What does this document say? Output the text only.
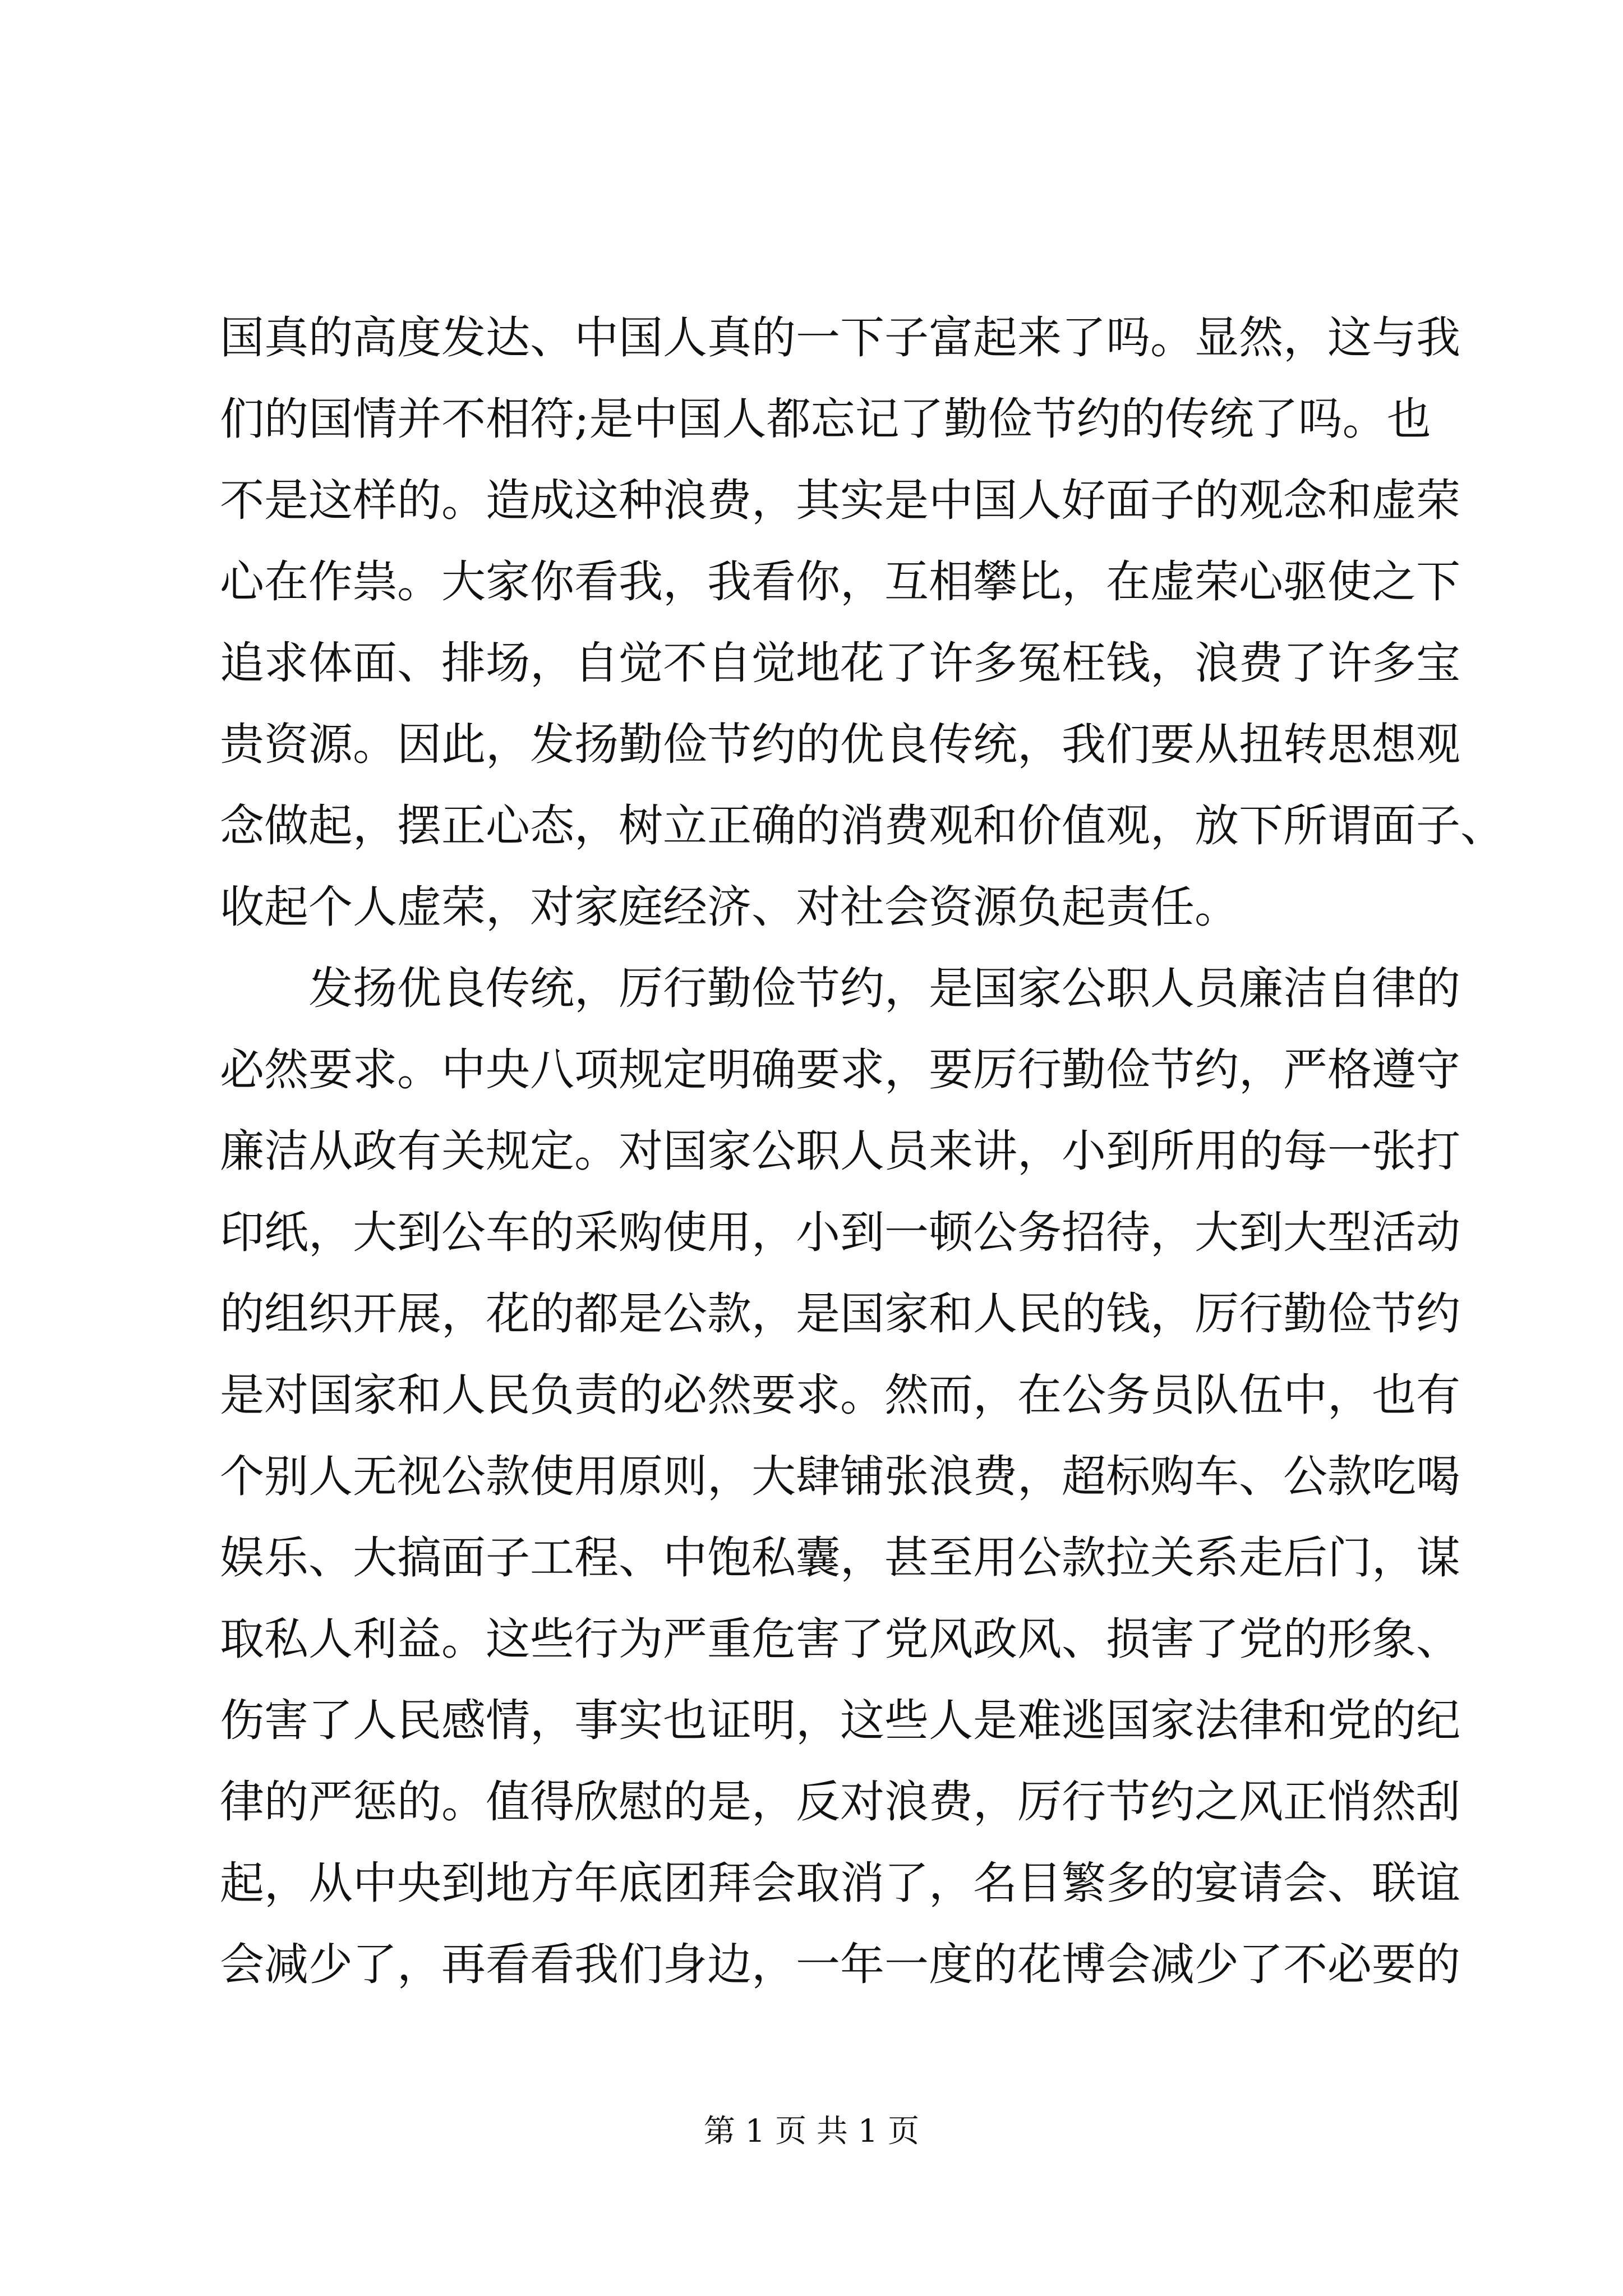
国真的高度发达、中国人真的一下子富起来了吗。显然，这与我
们的国情并不相符;是中国人都忘记了勤俭节约的传统了吗。也
不是这样的。造成这种浪费，其实是中国人好面子的观念和虚荣
心在作祟。大家你看我，我看你，互相攀比，在虚荣心驱使之下
追求体面、排场，自觉不自觉地花了许多冤枉钱，浪费了许多宝
贵资源。因此，发扬勤俭节约的优良传统，我们要从扭转思想观
念做起，摆正心态，树立正确的消费观和价值观，放下所谓面子、
收起个人虚荣，对家庭经济、对社会资源负起责任。
发扬优良传统，厉行勤俭节约，是国家公职人员廉洁自律的
必然要求。中央八项规定明确要求，要厉行勤俭节约，严格遵守
廉洁从政有关规定。对国家公职人员来讲，小到所用的每一张打
印纸，大到公车的采购使用，小到一顿公务招待，大到大型活动
的组织开展，花的都是公款，是国家和人民的钱，厉行勤俭节约
是对国家和人民负责的必然要求。然而，在公务员队伍中，也有
个别人无视公款使用原则，大肆铺张浪费，超标购车、公款吃喝
娱乐、大搞面子工程、中饱私囊，甚至用公款拉关系走后门，谋
取私人利益。这些行为严重危害了党风政风、损害了党的形象、
伤害了人民感情，事实也证明，这些人是难逃国家法律和党的纪
律的严惩的。值得欣慰的是，反对浪费，厉行节约之风正悄然刮
起，从中央到地方年底团拜会取消了，名目繁多的宴请会、联谊
会减少了，再看看我们身边，一年一度的花博会减少了不必要的
第 1 页 共 1 页
